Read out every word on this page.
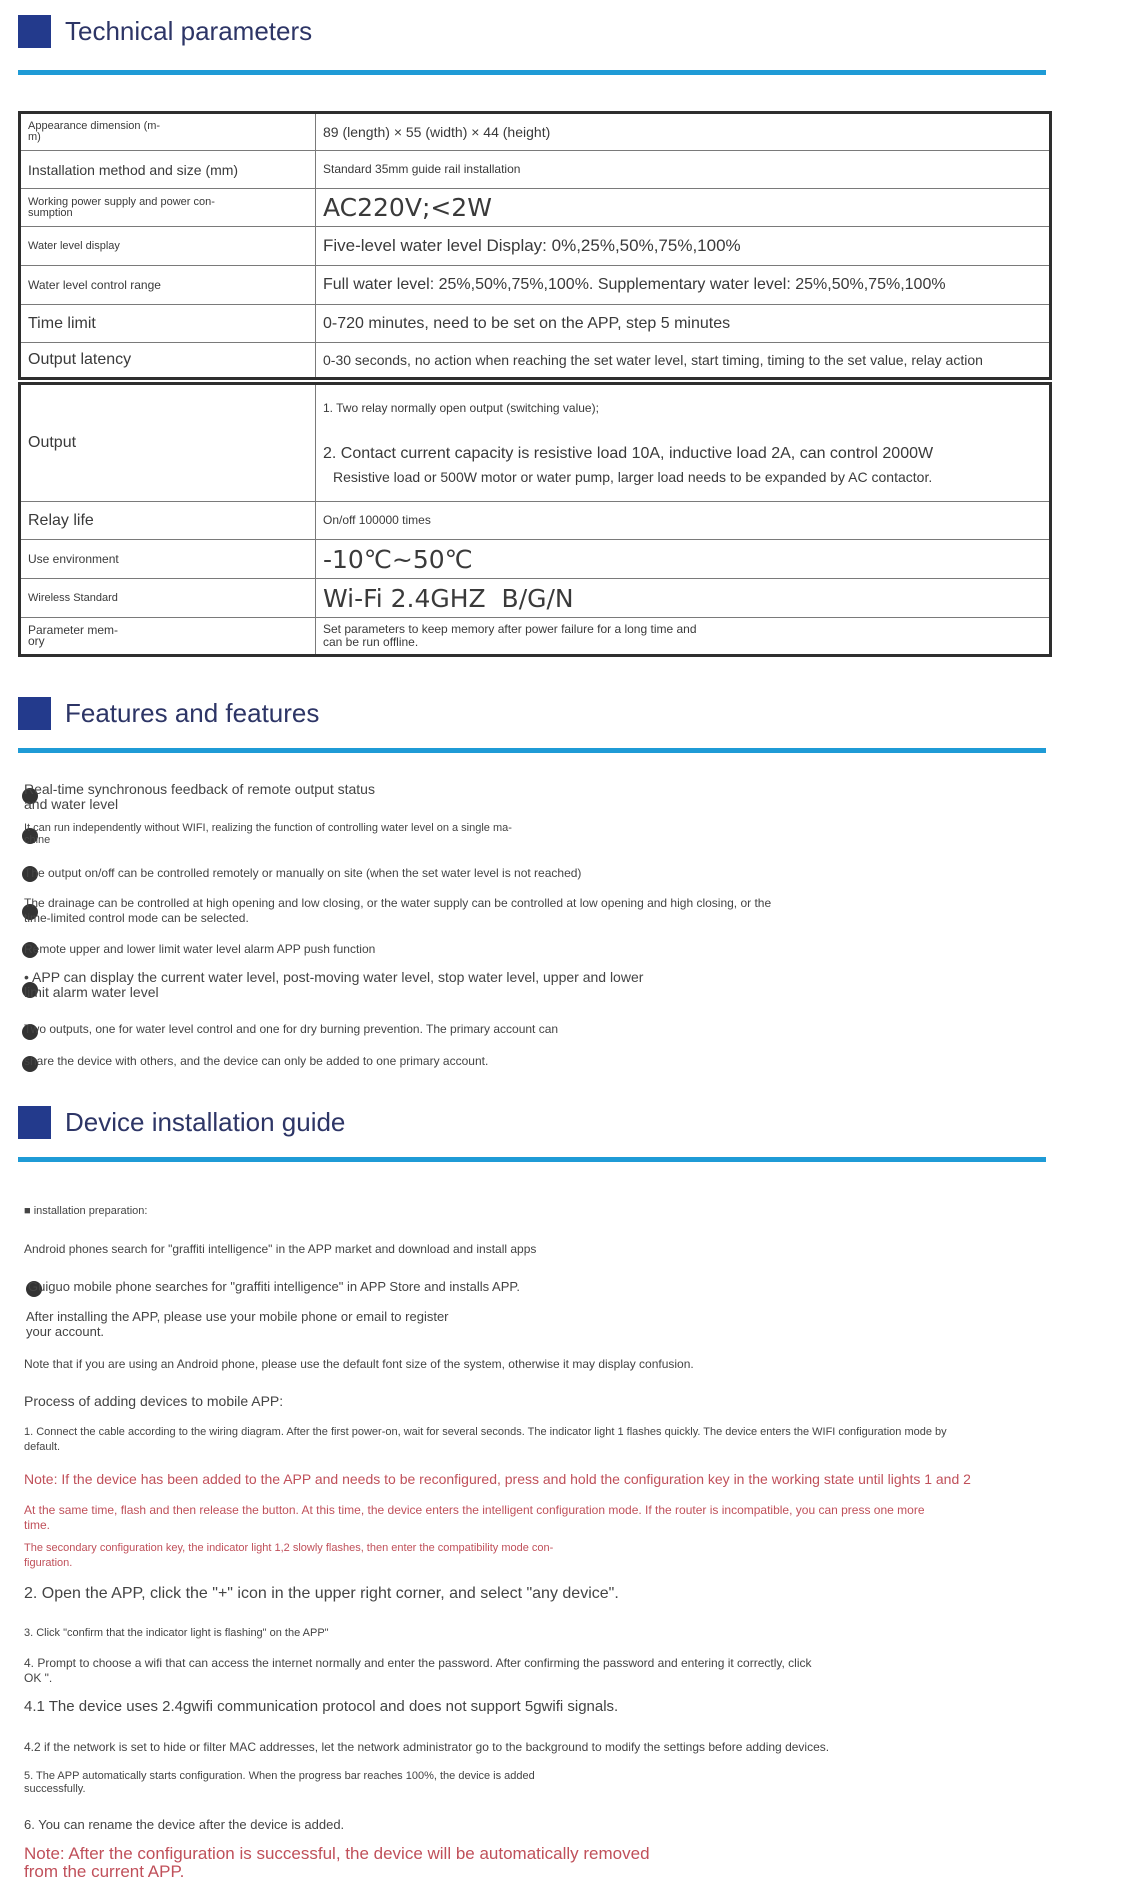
Technical parameters
Appearance dimension (m-
m)	89 (length) × 55 (width) × 44 (height)
Installation method and size (mm)	Standard 35mm guide rail installation
Working power supply and power con-
sumption	AC220V;<2W
Water level display	Five-level water level Display: 0%,25%,50%,75%,100%
Water level control range	Full water level: 25%,50%,75%,100%. Supplementary water level: 25%,50%,75%,100%
Time limit	0-720 minutes, need to be set on the APP, step 5 minutes
Output latency	0-30 seconds, no action when reaching the set water level, start timing, timing to the set value, relay action
Output	1. Two relay normally open output (switching value);
2. Contact current capacity is resistive load 10A, inductive load 2A, can control 2000W
Resistive load or 500W motor or water pump, larger load needs to be expanded by AC contactor.

Relay life	On/off 100000 times
Use environment	-10℃~50℃
Wireless Standard	Wi-Fi 2.4GHZ  B/G/N
Parameter mem-
ory	Set parameters to keep memory after power failure for a long time and
can be run offline.
Features and features
Real-time synchronous feedback of remote output status
and water level
It can run independently without WIFI, realizing the function of controlling water level on a single ma-
chine
The output on/off can be controlled remotely or manually on site (when the set water level is not reached)
The drainage can be controlled at high opening and low closing, or the water supply can be controlled at low opening and high closing, or the
time-limited control mode can be selected.
Remote upper and lower limit water level alarm APP push function
• APP can display the current water level, post-moving water level, stop water level, upper and lower
limit alarm water level
Two outputs, one for water level control and one for dry burning prevention. The primary account can
share the device with others, and the device can only be added to one primary account.
Device installation guide
■ installation preparation:
Android phones search for "graffiti intelligence" in the APP market and download and install apps
Guiguo mobile phone searches for "graffiti intelligence" in APP Store and installs APP.
After installing the APP, please use your mobile phone or email to register
your account.
Note that if you are using an Android phone, please use the default font size of the system, otherwise it may display confusion.
Process of adding devices to mobile APP:
1. Connect the cable according to the wiring diagram. After the first power-on, wait for several seconds. The indicator light 1 flashes quickly. The device enters the WIFI configuration mode by
default.
Note: If the device has been added to the APP and needs to be reconfigured, press and hold the configuration key in the working state until lights 1 and 2
At the same time, flash and then release the button. At this time, the device enters the intelligent configuration mode. If the router is incompatible, you can press one more
time.
The secondary configuration key, the indicator light 1,2 slowly flashes, then enter the compatibility mode con-
figuration.
2. Open the APP, click the "+" icon in the upper right corner, and select "any device".
3. Click "confirm that the indicator light is flashing" on the APP"
4. Prompt to choose a wifi that can access the internet normally and enter the password. After confirming the password and entering it correctly, click
OK ".
4.1 The device uses 2.4gwifi communication protocol and does not support 5gwifi signals.
4.2 if the network is set to hide or filter MAC addresses, let the network administrator go to the background to modify the settings before adding devices.
5. The APP automatically starts configuration. When the progress bar reaches 100%, the device is added
successfully.
6. You can rename the device after the device is added.
Note: After the configuration is successful, the device will be automatically removed
from the current APP.
